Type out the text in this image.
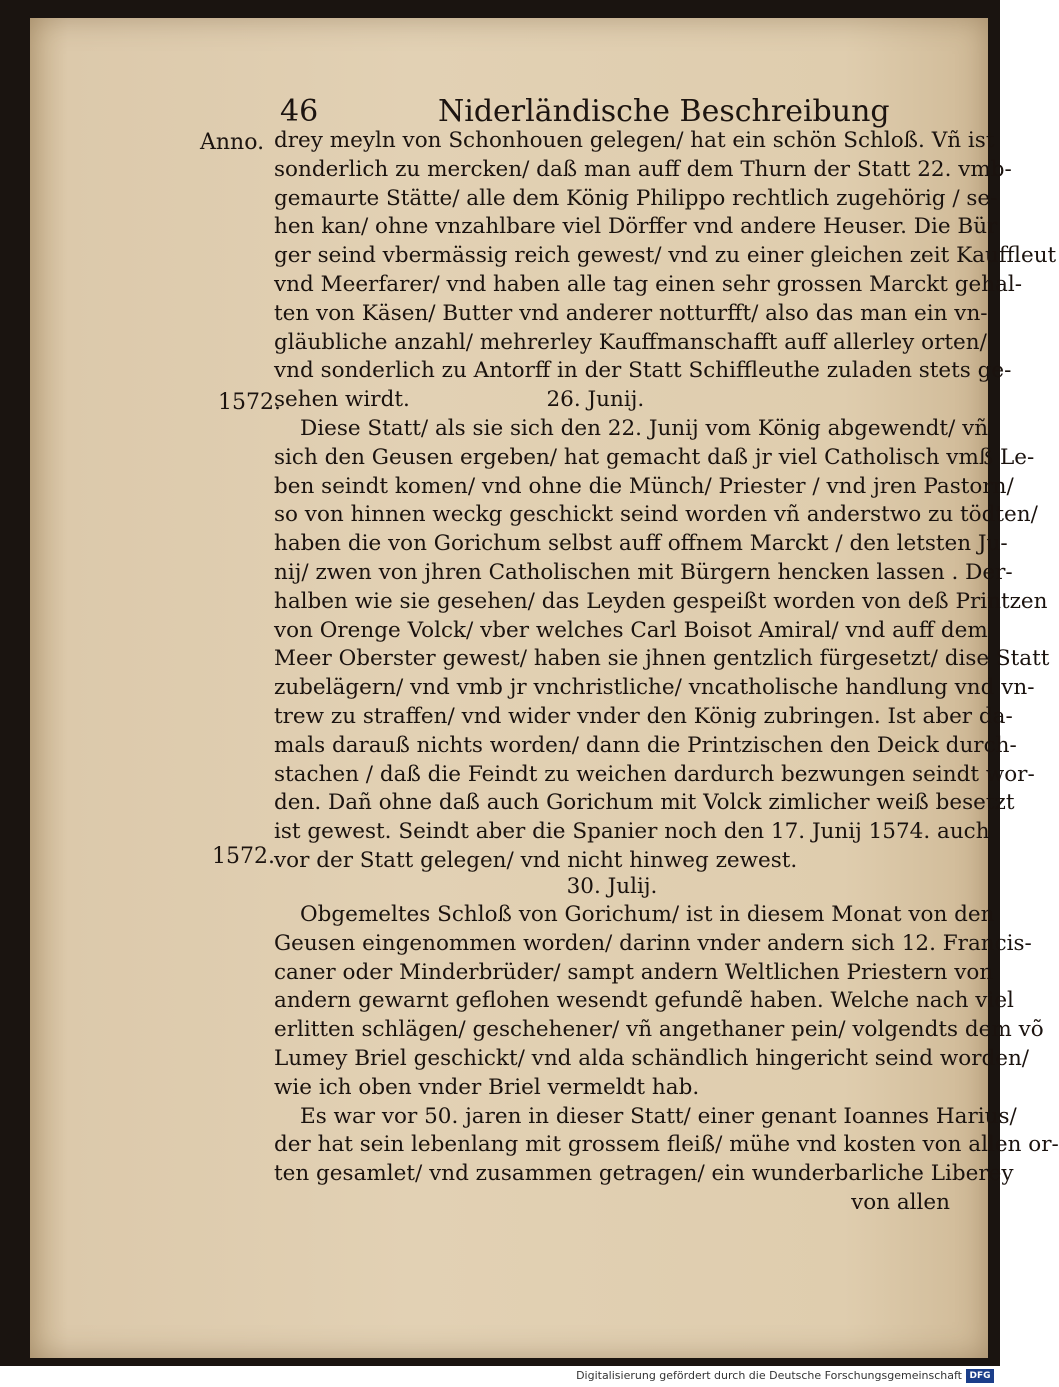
46	Niderländische Beschreibung
Anno.
1572.
1572.
drey meyln von Schonhouen gelegen/ hat ein schön Schloß. Vñ ist
sonderlich zu mercken/ daß man auff dem Thurn der Statt 22. vmb-
gemaurte Stätte/ alle dem König Philippo rechtlich zugehörig / se-
hen kan/ ohne vnzahlbare viel Dörffer vnd andere Heuser. Die Bür
ger seind vbermässig reich gewest/ vnd zu einer gleichen zeit Kauffleut
vnd Meerfarer/ vnd haben alle tag einen sehr grossen Marckt gehal-
ten von Käsen/ Butter vnd anderer notturfft/ also das man ein vn-
gläubliche anzahl/ mehrerley Kauffmanschafft auff allerley orten/
vnd sonderlich zu Antorff in der Statt Schiffleuthe zuladen stets ge-
sehen wirdt.                    26. Junij.
Diese Statt/ als sie sich den 22. Junij vom König abgewendt/ vñ
sich den Geusen ergeben/ hat gemacht daß jr viel Catholisch vmß Le-
ben seindt komen/ vnd ohne die Münch/ Priester / vnd jren Pastorn/
so von hinnen weckg geschickt seind worden vñ anderstwo zu tödten/
haben die von Gorichum selbst auff offnem Marckt / den letsten Ju-
nij/ zwen von jhren Catholischen mit Bürgern hencken lassen . Der-
halben wie sie gesehen/ das Leyden gespeißt worden von deß Printzen
von Orenge Volck/ vber welches Carl Boisot Amiral/ vnd auff dem
Meer Oberster gewest/ haben sie jhnen gentzlich fürgesetzt/ dise Statt
zubelägern/ vnd vmb jr vnchristliche/ vncatholische handlung vnd vn-
trew zu straffen/ vnd wider vnder den König zubringen. Ist aber da-
mals darauß nichts worden/ dann die Printzischen den Deick durch-
stachen / daß die Feindt zu weichen dardurch bezwungen seindt wor-
den. Dañ ohne daß auch Gorichum mit Volck zimlicher weiß besetzt
ist gewest. Seindt aber die Spanier noch den 17. Junij 1574. auch
vor der Statt gelegen/ vnd nicht hinweg zewest.
30. Julij.
Obgemeltes Schloß von Gorichum/ ist in diesem Monat von den
Geusen eingenommen worden/ darinn vnder andern sich 12. Francis-
caner oder Minderbrüder/ sampt andern Weltlichen Priestern von
andern gewarnt geflohen wesendt gefundẽ haben. Welche nach viel
erlitten schlägen/ geschehener/ vñ angethaner pein/ volgendts dem võ
Lumey Briel geschickt/ vnd alda schändlich hingericht seind worden/
wie ich oben vnder Briel vermeldt hab.
Es war vor 50. jaren in dieser Statt/ einer genant Ioannes Harius/
der hat sein lebenlang mit grossem fleiß/ mühe vnd kosten von allen or-
ten gesamlet/ vnd zusammen getragen/ ein wunderbarliche Liberey
von allen
Digitalisierung gefördert durch die Deutsche Forschungsgemeinschaft DFG
